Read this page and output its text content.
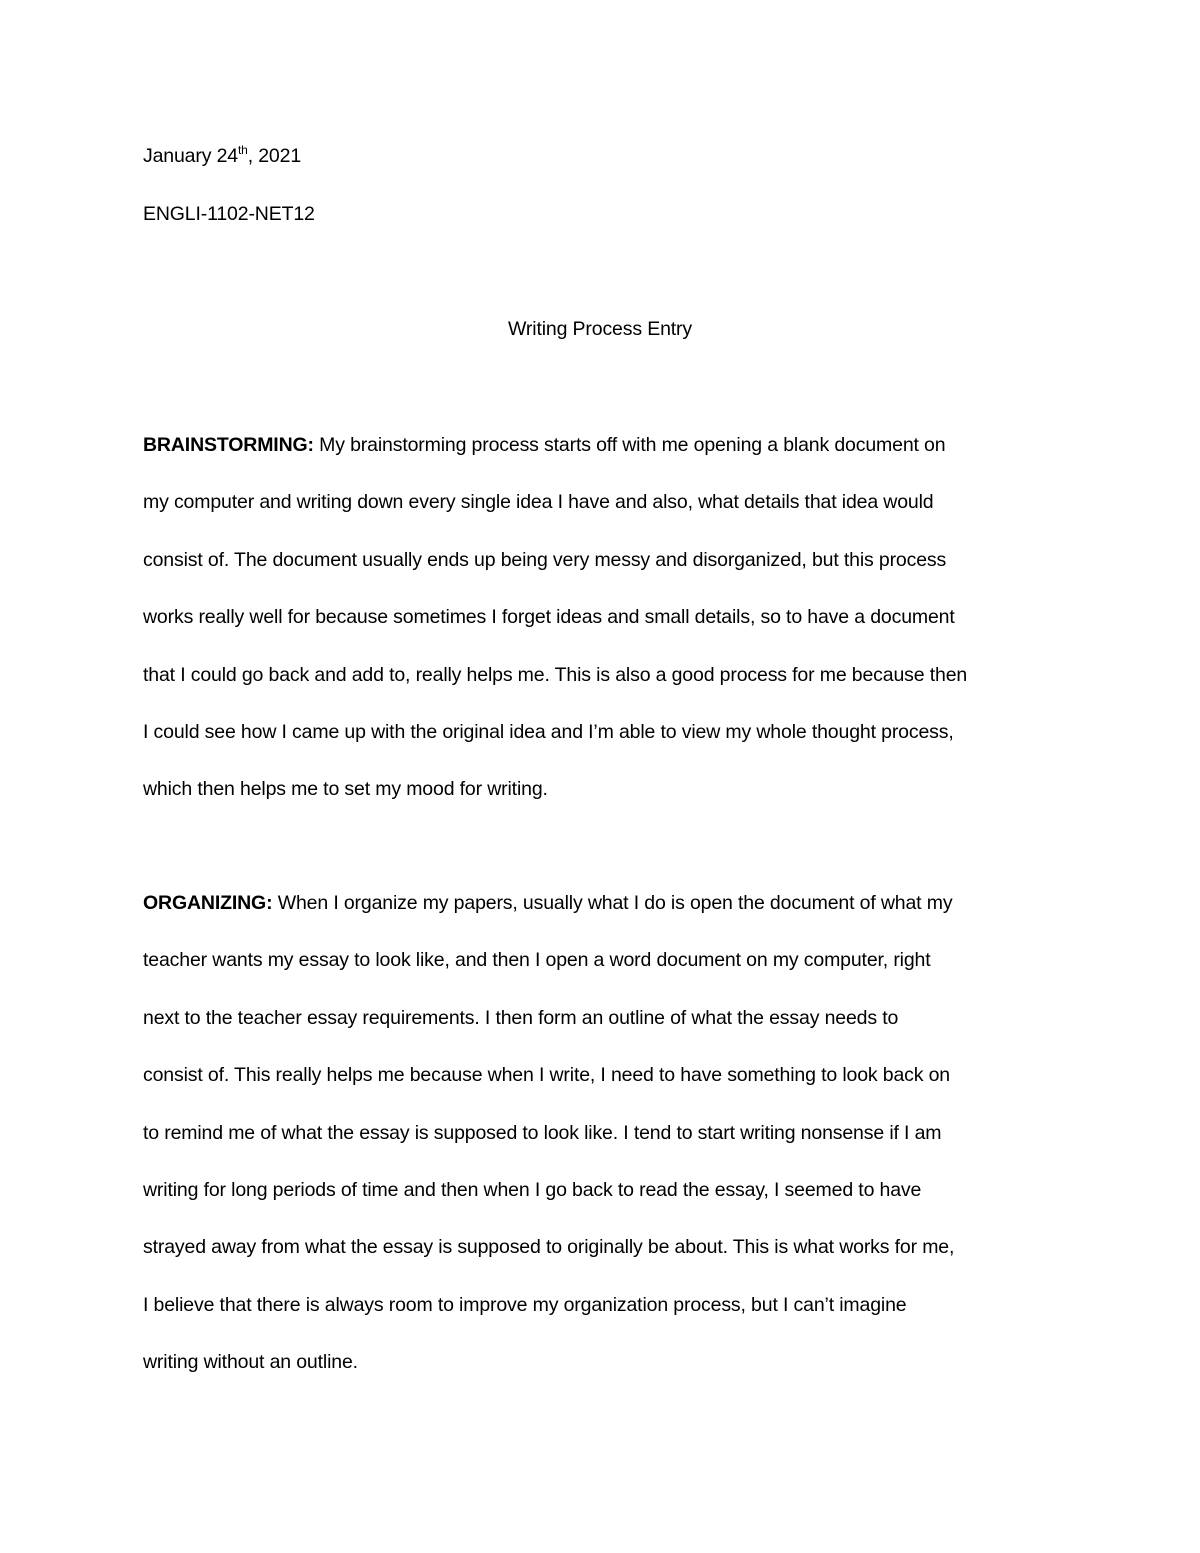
January 24th, 2021
ENGLI-1102-NET12
Writing Process Entry
BRAINSTORMING: My brainstorming process starts off with me opening a blank document on
my computer and writing down every single idea I have and also, what details that idea would
consist of. The document usually ends up being very messy and disorganized, but this process
works really well for because sometimes I forget ideas and small details, so to have a document
that I could go back and add to, really helps me. This is also a good process for me because then
I could see how I came up with the original idea and I’m able to view my whole thought process,
which then helps me to set my mood for writing.
ORGANIZING: When I organize my papers, usually what I do is open the document of what my
teacher wants my essay to look like, and then I open a word document on my computer, right
next to the teacher essay requirements. I then form an outline of what the essay needs to
consist of. This really helps me because when I write, I need to have something to look back on
to remind me of what the essay is supposed to look like. I tend to start writing nonsense if I am
writing for long periods of time and then when I go back to read the essay, I seemed to have
strayed away from what the essay is supposed to originally be about. This is what works for me,
I believe that there is always room to improve my organization process, but I can’t imagine
writing without an outline.
